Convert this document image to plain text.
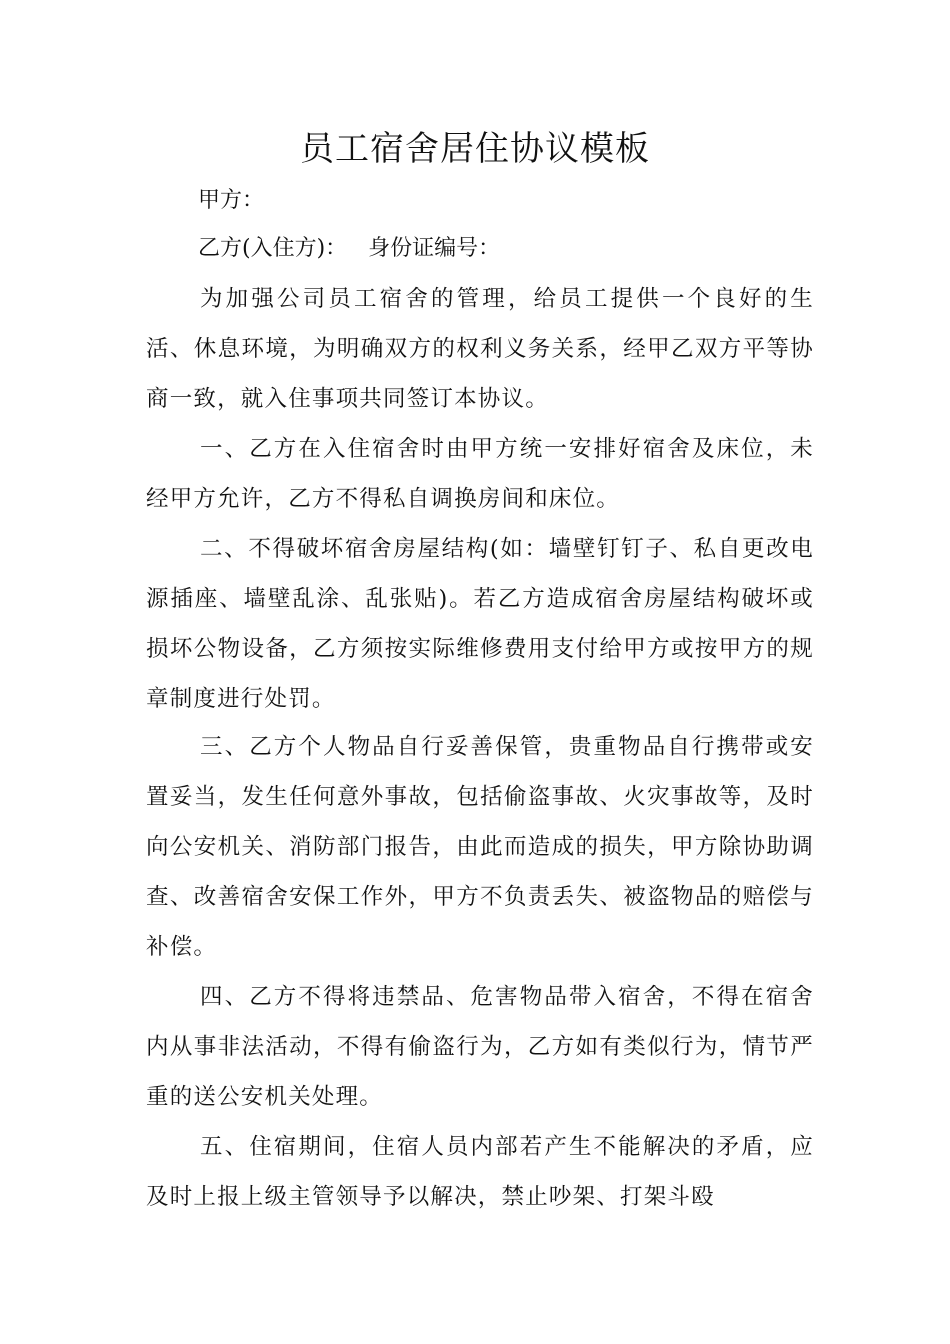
员工宿舍居住协议模板
甲方：
乙方(入住方)：   身份证编号：
为加强公司员工宿舍的管理，给员工提供一个良好的生活、休息环境，为明确双方的权利义务关系，经甲乙双方平等协商一致，就入住事项共同签订本协议。
一、乙方在入住宿舍时由甲方统一安排好宿舍及床位，未经甲方允许，乙方不得私自调换房间和床位。
二、不得破坏宿舍房屋结构(如：墙壁钉钉子、私自更改电源插座、墙壁乱涂、乱张贴)。若乙方造成宿舍房屋结构破坏或损坏公物设备，乙方须按实际维修费用支付给甲方或按甲方的规章制度进行处罚。
三、乙方个人物品自行妥善保管，贵重物品自行携带或安置妥当，发生任何意外事故，包括偷盗事故、火灾事故等，及时向公安机关、消防部门报告，由此而造成的损失，甲方除协助调查、改善宿舍安保工作外，甲方不负责丢失、被盗物品的赔偿与补偿。
四、乙方不得将违禁品、危害物品带入宿舍，不得在宿舍内从事非法活动，不得有偷盗行为，乙方如有类似行为，情节严重的送公安机关处理。
五、住宿期间，住宿人员内部若产生不能解决的矛盾，应及时上报上级主管领导予以解决，禁止吵架、打架斗殴
